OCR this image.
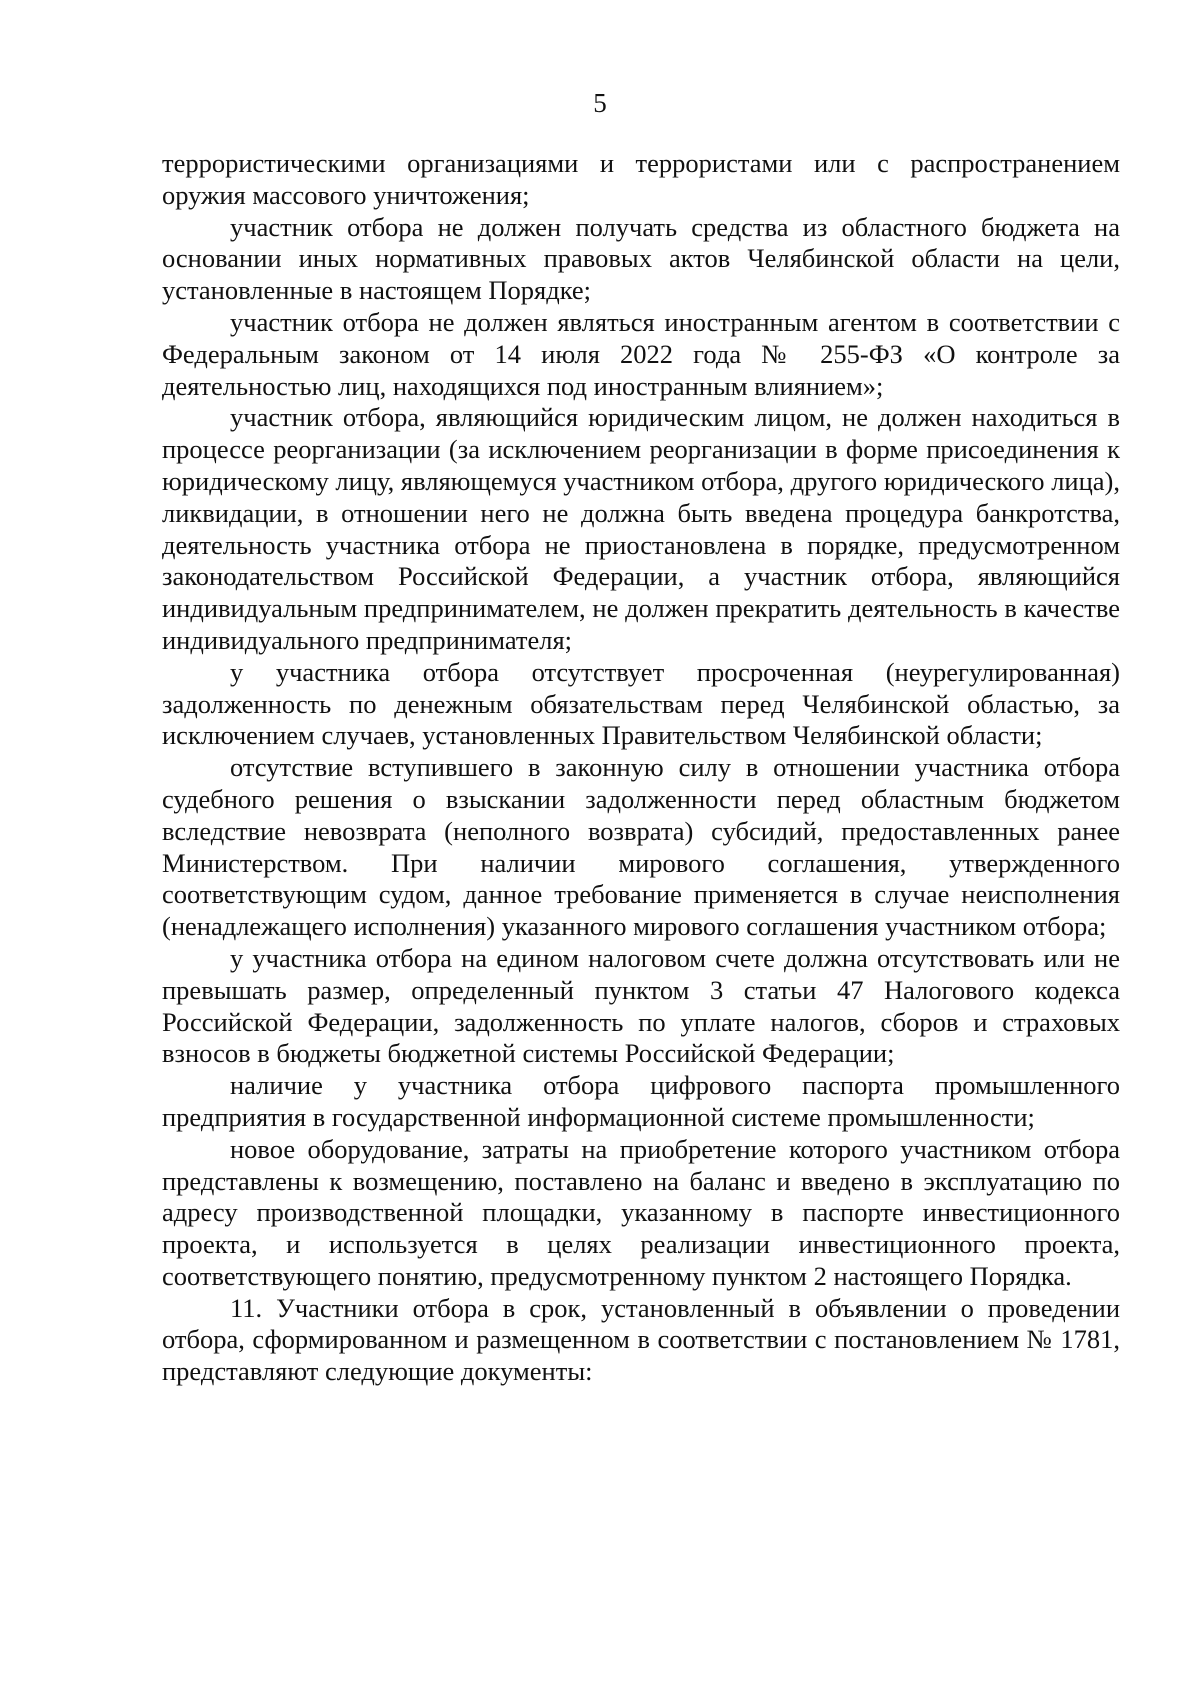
5

террористическими организациями и террористами или с распространением оружия массового уничтожения;

участник отбора не должен получать средства из областного бюджета на основании иных нормативных правовых актов Челябинской области на цели, установленные в настоящем Порядке;

участник отбора не должен являться иностранным агентом в соответствии с Федеральным законом от 14 июля 2022 года № 255-ФЗ «О контроле за деятельностью лиц, находящихся под иностранным влиянием»;

участник отбора, являющийся юридическим лицом, не должен находиться в процессе реорганизации (за исключением реорганизации в форме присоединения к юридическому лицу, являющемуся участником отбора, другого юридического лица), ликвидации, в отношении него не должна быть введена процедура банкротства, деятельность участника отбора не приостановлена в порядке, предусмотренном законодательством Российской Федерации, а участник отбора, являющийся индивидуальным предпринимателем, не должен прекратить деятельность в качестве индивидуального предпринимателя;

у участника отбора отсутствует просроченная (неурегулированная) задолженность по денежным обязательствам перед Челябинской областью, за исключением случаев, установленных Правительством Челябинской области;

отсутствие вступившего в законную силу в отношении участника отбора судебного решения о взыскании задолженности перед областным бюджетом вследствие невозврата (неполного возврата) субсидий, предоставленных ранее Министерством. При наличии мирового соглашения, утвержденного соответствующим судом, данное требование применяется в случае неисполнения (ненадлежащего исполнения) указанного мирового соглашения участником отбора;

у участника отбора на едином налоговом счете должна отсутствовать или не превышать размер, определенный пунктом 3 статьи 47 Налогового кодекса Российской Федерации, задолженность по уплате налогов, сборов и страховых взносов в бюджеты бюджетной системы Российской Федерации;

наличие у участника отбора цифрового паспорта промышленного предприятия в государственной информационной системе промышленности;

новое оборудование, затраты на приобретение которого участником отбора представлены к возмещению, поставлено на баланс и введено в эксплуатацию по адресу производственной площадки, указанному в паспорте инвестиционного проекта, и используется в целях реализации инвестиционного проекта, соответствующего понятию, предусмотренному пунктом 2 настоящего Порядка.

11. Участники отбора в срок, установленный в объявлении о проведении отбора, сформированном и размещенном в соответствии с постановлением № 1781, представляют следующие документы:
